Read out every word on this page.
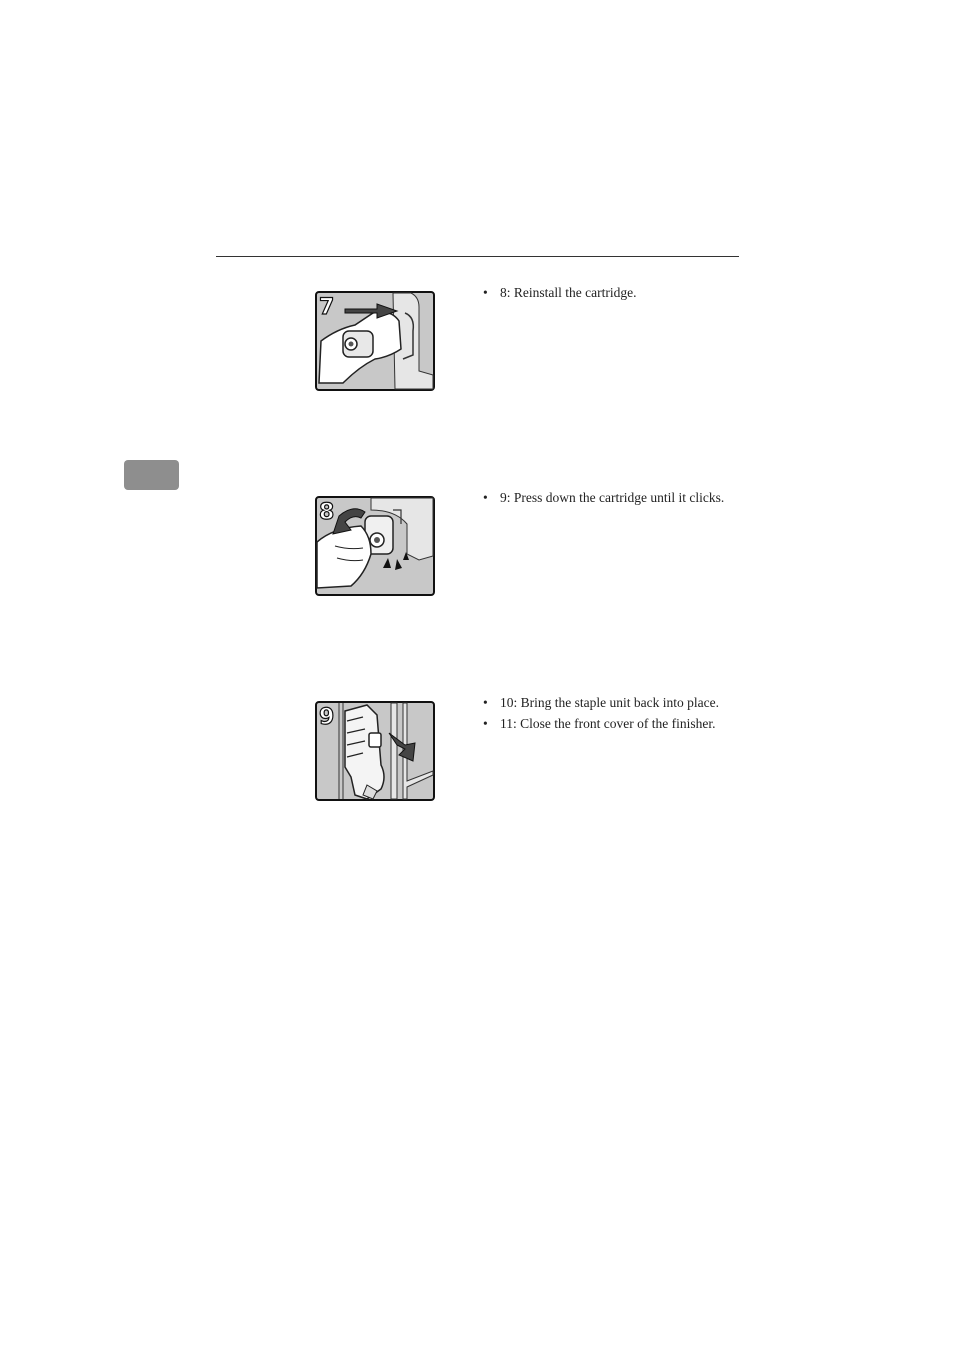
7
• 8: Reinstall the cartridge.
8
• 9: Press down the cartridge until it clicks.
9
• 10: Bring the staple unit back into place.
• 11: Close the front cover of the finisher.
